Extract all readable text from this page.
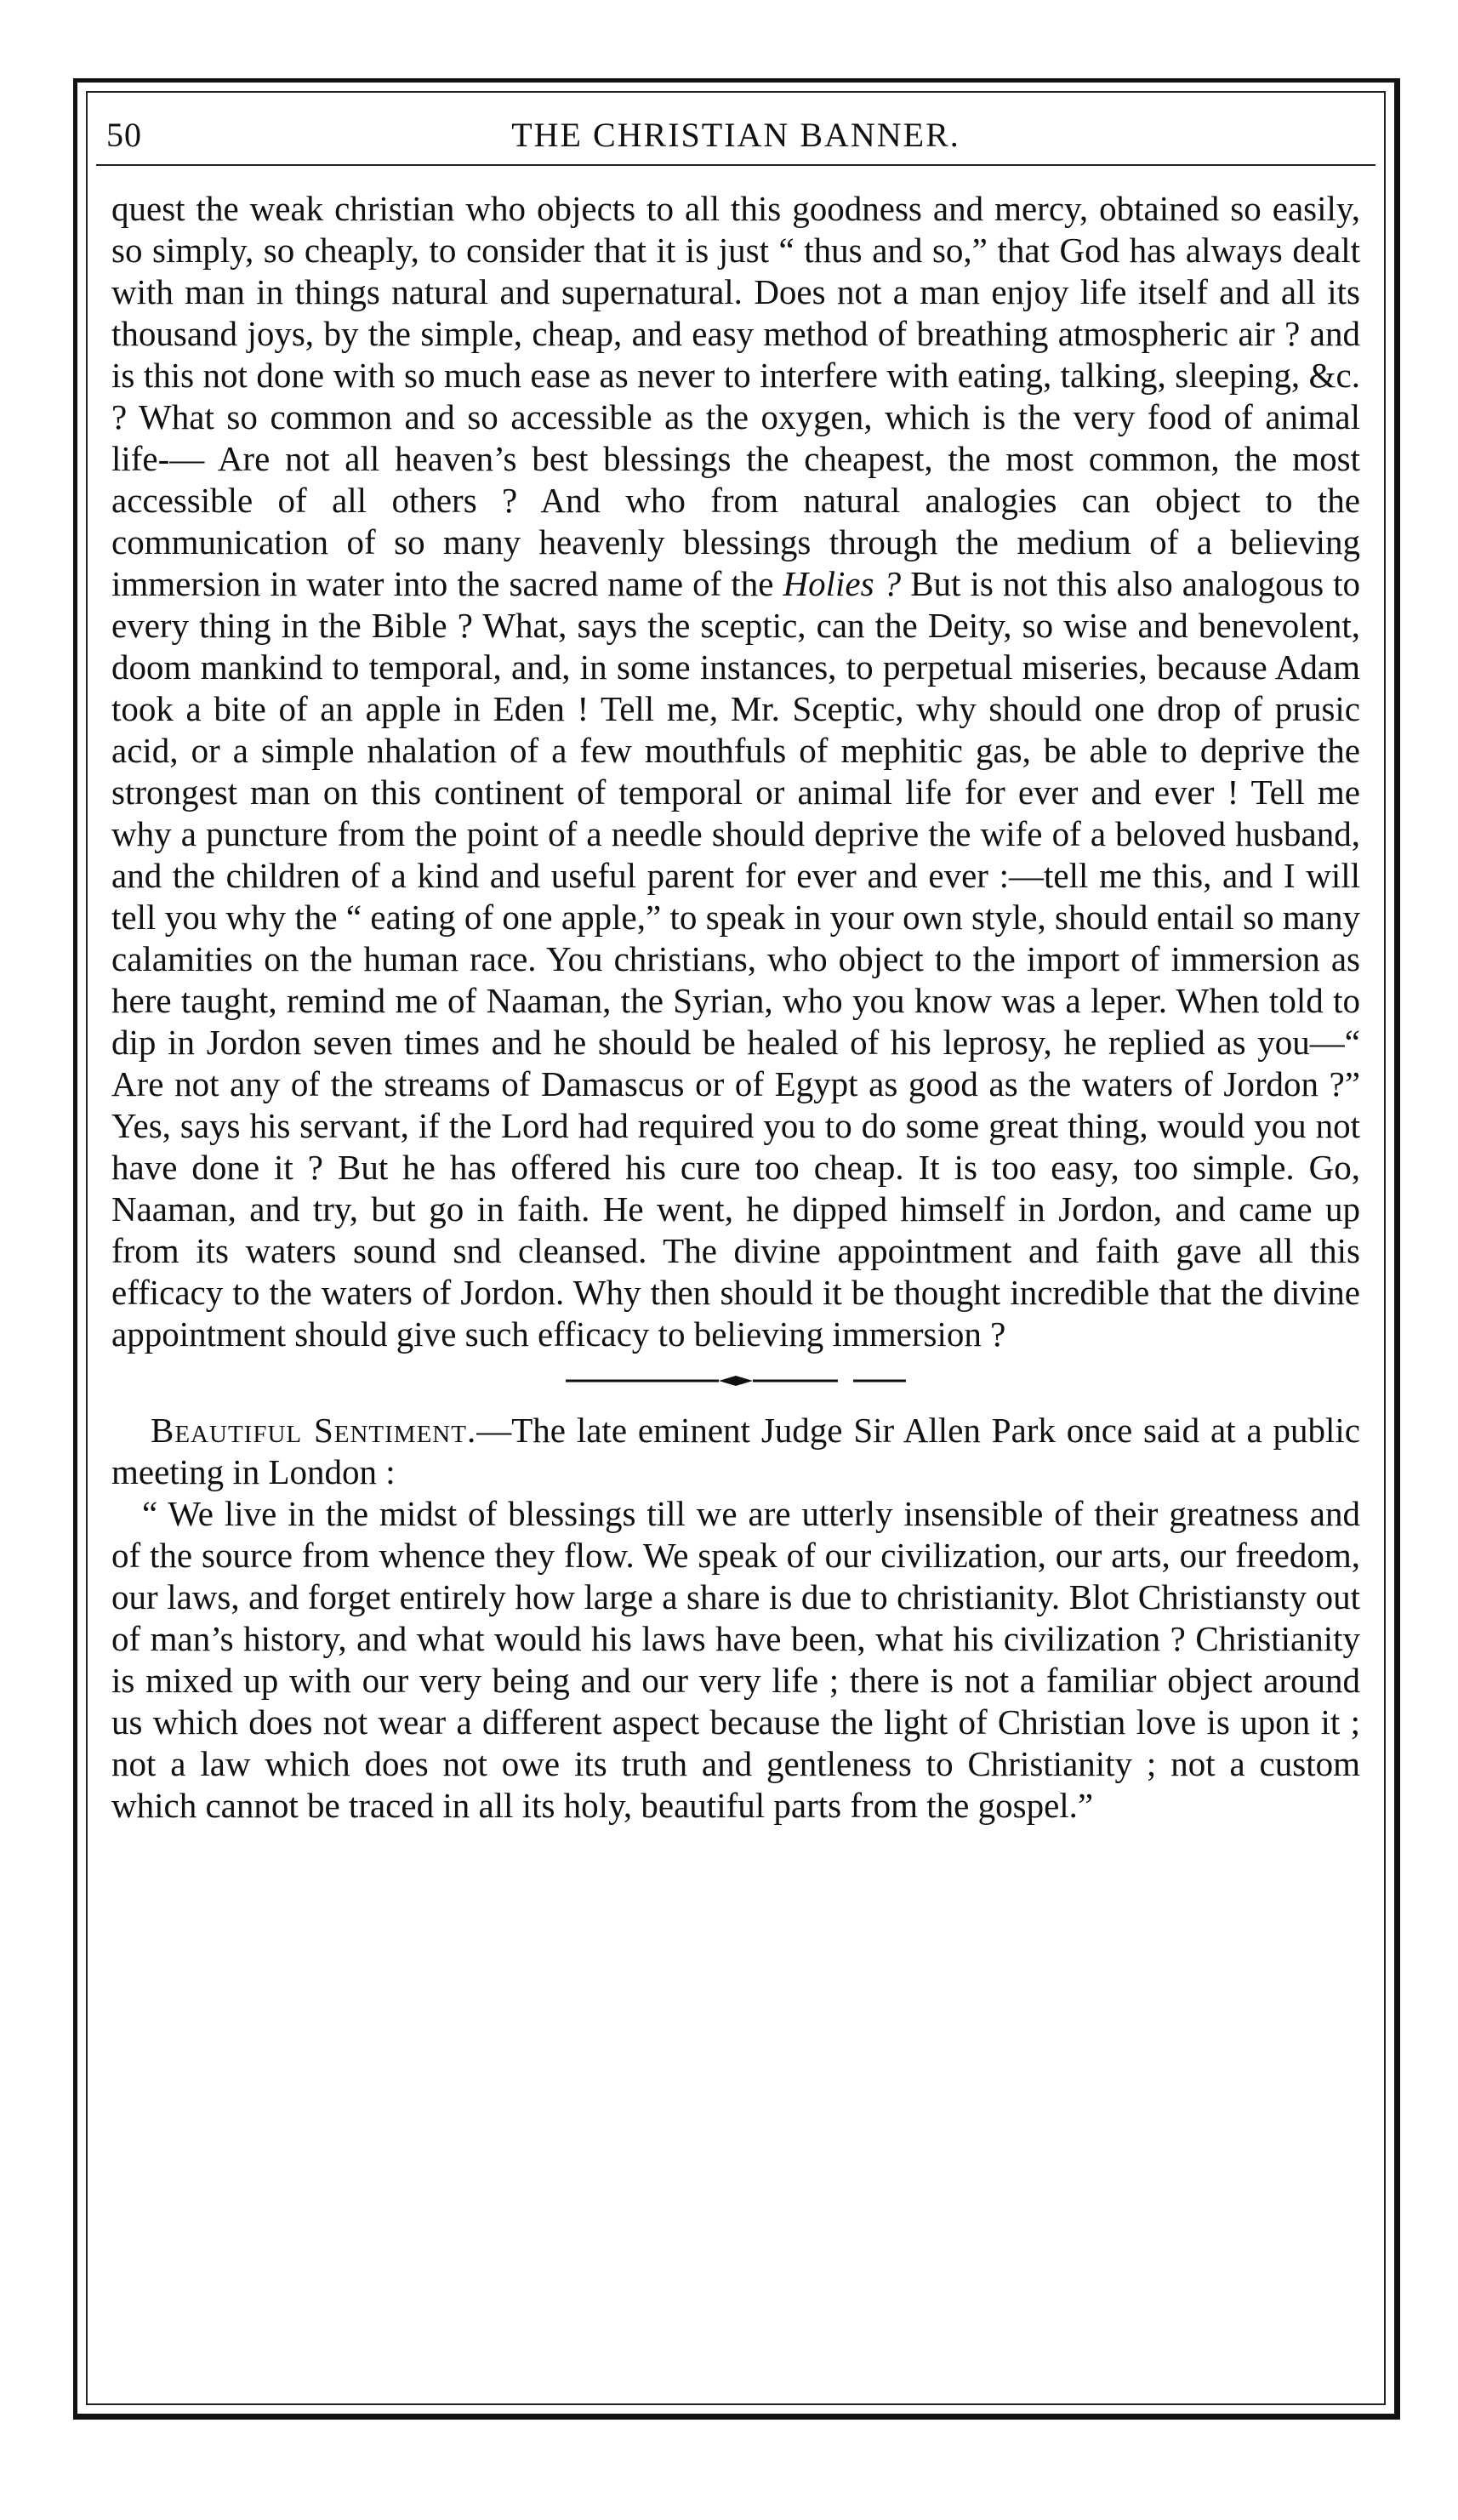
50	THE CHRISTIAN BANNER.

quest the weak christian who objects to all this goodness and mercy, obtained so easily, so simply, so cheaply, to consider that it is just “ thus and so,” that God has always dealt with man in things natural and supernatural. Does not a man enjoy life itself and all its thousand joys, by the simple, cheap, and easy method of breathing atmospheric air ? and is this not done with so much ease as never to interfere with eating, talking, sleeping, &c. ? What so common and so accessible as the oxygen, which is the very food of animal life-— Are not all heaven’s best blessings the cheapest, the most common, the most accessible of all others ? And who from natural analogies can object to the communication of so many heavenly blessings through the medium of a believing immersion in water into the sacred name of the Holies ? But is not this also analogous to every thing in the Bible ? What, says the sceptic, can the Deity, so wise and benevolent, doom mankind to temporal, and, in some instances, to perpetual miseries, because Adam took a bite of an apple in Eden ! Tell me, Mr. Sceptic, why should one drop of prusic acid, or a simple nhalation of a few mouthfuls of mephitic gas, be able to deprive the strongest man on this continent of temporal or animal life for ever and ever ! Tell me why a puncture from the point of a needle should deprive the wife of a beloved husband, and the children of a kind and useful parent for ever and ever :—tell me this, and I will tell you why the “ eating of one apple,” to speak in your own style, should entail so many calamities on the human race. You christians, who object to the import of immersion as here taught, remind me of Naaman, the Syrian, who you know was a leper. When told to dip in Jordon seven times and he should be healed of his leprosy, he replied as you—“ Are not any of the streams of Damascus or of Egypt as good as the waters of Jordon ?” Yes, says his servant, if the Lord had required you to do some great thing, would you not have done it ? But he has offered his cure too cheap. It is too easy, too simple. Go, Naaman, and try, but go in faith. He went, he dipped himself in Jordon, and came up from its waters sound snd cleansed. The divine appointment and faith gave all this efficacy to the waters of Jordon. Why then should it be thought incredible that the divine appointment should give such efficacy to believing immersion ?

Beautiful Sentiment.—The late eminent Judge Sir Allen Park once said at a public meeting in London :

“ We live in the midst of blessings till we are utterly insensible of their greatness and of the source from whence they flow. We speak of our civilization, our arts, our freedom, our laws, and forget entirely how large a share is due to christianity. Blot Christiansty out of man’s history, and what would his laws have been, what his civilization ? Christianity is mixed up with our very being and our very life ; there is not a familiar object around us which does not wear a different aspect because the light of Christian love is upon it ; not a law which does not owe its truth and gentleness to Christianity ; not a custom which cannot be traced in all its holy, beautiful parts from the gospel.”
